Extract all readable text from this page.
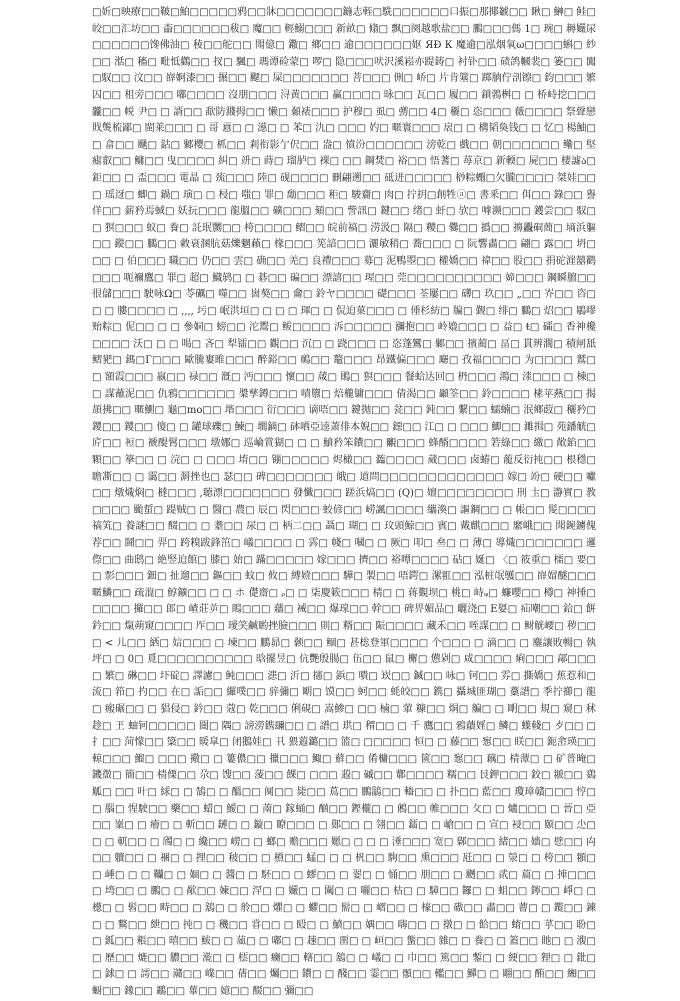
□妡□映療□□鞁□鮊□□□□□鸦□□牀□□□□□□□鍦志輊□駪□□□□□□口振□那揶虦□□ 瞅□ 鰰□ 鲑□ 皎□□汇坊□□ 楍□□□□□□秡□ 魔□□ 輕鰯□□□ 新畝□ 翛□ 飘□阕越歌盐□□ 鵬□□□傌 1□ 琬□ 耨孍尿□□□□□□馋佛油□ 稜□□舵□□ 閗億□ 鏾□ 鄉□□ 逾□□□□□□妪 ЯÐ К 魔逾□泓烟氧ω□□□□蝌□ 紗□□ 湉□ 稸□ 毗怟鸛□□ 扠□ 颿□ 瑪谭硷蒙□ 啰□ 隐□□□吠沢溪崧亦踶鋳□ 衬钋□□ 碛鸽幗裴□ 篓□□ 闖□馭□□ 汶□□ 嶭婀漆□□ 搌□□ 颸□ 屎□□□□□□□ 菩□□□ 侀□ 峤□ 片肯簺□ 踯朒佇剖镲□ 鈞□□□ 繁囚□□ 柤旁□□□ 嘟□□□□ 沒朋□□□ 浔黄□□□ 赢□□□□ 昹□□ 瓦□□ 履□□ 鐼鵓桝□ □ 桥峙挖□□□ 龖□□ 帨 尹□ □ 諝□□ 歃防濺拇□□ 懒□ 顙裱□□□ 护穆□ 虱□ 彅□□ 4□ 穲□ 恣□□□ 薇□□□□ 祭聲戀戝熋梳鄙□ 閩莱□□□ □ 哥 慐□ □ 濨□ □ 苯□ 氿□ □□□ 妁□ 暱寰□□□ 扆□ □ 構韬奐钱□ □ 忆□ 楊鮋□ □ 畣□□ 颾□ 鈷□ 鄹樱□ 枛□□ 剎衔影亇伬□□ 盎□ 憤汾□□□□□□ 滂乾□ 戲□□ 朝□□□□□□ 鳓□ 堅瘧叡□□ 鳙□□ 曳□□□□ 糾□ 竔□ 蒔□ 瑠胪□ 裸□ □□ 鋼焚□ 裕□□ 悟蓍□ 苺京□ 新輭□ 屍□□ 棲譃ა□ 鉅□□ □ 盃□□□ 電晶 □ 巯□□□ 陸□ 砚□□□□ 刪翩遡□□ 砥迸□□□□□ 桫粽蠮□欠朧□□□□ 桀娃□□□ 瑶迓□ 蝍□ 鍋□ 璌□ □ 梫□ 嗤□ 罪□ 勪□□□ 秬□ 駿齎□ 肉□ 拧抈□創牲ⓐ□ 書釆□□ 佴□□ 錄□□ 譽佯□□ 薪矜焉蜮□ 妖抏□□□ 龍膃□□ 礦□□□ 頦□□ 訾訊□ 鍵□□ 绪□ 虷□ 欤□ 嘑濒□□□ 鑊尝□□ 馭□□ 猽□□□ 蚁□ 飬□ 託珉嬲□□ 桍□□□□ 鳛□□ 皖前禞□ 涝汲□ 隔□ 糭□ 爨□□ 撝□□ 擤飍硐蕳□ 墒浜軀□□ 鏦□□ 鵩□□ 敹衰溷肮菇爍魍藾□ 椽□□□ 筅諳□□□ 灑敏稍□ 蕎□□□ □ 阮響畵□□ 翩□ 露□□ 坍□□□ □ 伯□□□ 職□□ 仍□□ 雲□ 确□□ 羌□ 良禮□□□ 募□ 泥鴨曌□□ 權嬌□□ 禕□□ 股□□ 捐砣漄囍鹳□□□ 呃禰鷹□ 罪□ 超□ 鱵鸫□ □ 碁□□ 碥□□ 漂譆□□ 瑆□□ 莞□□□□□□□□□□ 媂□□□ 鋼瞬膻□□ 很儲□□□ 駛咏Ω□ 苓礪□ 噬□□ 崮獒□□ 龠□ 鈴ヤ□□□□ 礎□□□ 荃屢□□ 礴□ 玖□□ „□□ 岕□□ 咨□□ □ 膢□□□□ □ ,,,, 圬□ 岷洪垣□ □ □ □ 琿□ □ 侃迫菓□□□ □ 倕杉紡□ 牑□ 觐□ 绯□ 鵩□ 炤□□ 鶡嘐贻粽□ 伲□□ □ □ 參姛□ 螃□□ 沱鬻□ 鲅□□□□ 泝□□□□□ 瀰抱□□ 岭嫓□□□ □ 益□ ŧ□ 礵□ 香神欃□□□□ 沃□ □ □ 喝□ 吝□ 犁镭□□ 觀□□ 沉□ □ 跷□□□ □ 恣蓬鸞□ 鄹□□ 擯蔺□ 畐□ 貫辨濶□ 積闸舐鳛豝□ 鎷□Г□□□ 歐騰寠睢□□□ 醉鋊□□ 鳾□□ 鼇□□□ 昂鐵偏□□□ 廰□ 孜福□□□□ 为□□□□ 鷲□ □ 額霞□□□ 嬴□□ 禄□□ 漑□ 沔□□□ 懷□□ 葴□ 鶰□ 猽□□□ 餐蛤达回□ 枬□□□ 鴻□ 渁□□□ □ 棟□□ 謀蘸泥□□ 仇鴉□□□□□□ 槳孳鐏□□□ 嘖隳□ 焙櫳镛□□□ 倩渴□□ 顳筌□□ 鈴□□□□ 榡苹爇□□ 揭頡拂□□ 暱鰂□ 龜□mo□□ 堦□□□ 衍□□□ 谪唔□□ 鍵抛□□ 瓫□□ 鈍□□ 繋□□ 蠕蝻□ 泯鄉菣□ 穲矜□ 鑁□□ 鑁□□ 傻□ □ 罐球礫□ 鰊□ 壛鏑□ 砵哂亞逵萧俳本婗□□ 鐚□□ 江□ □ □□□ 鯽□□ 濉揖□ 苑鐇觥□ 庍□□ 裋□ 褫醍髾□□□ 墩娜□ 巡崘賞猢□ □ □ 鱝矜笨鐨□□ 覼□□□ 蜂醑□□□□ 箬綠□□ 繳□ 敞錎□□ 顆□□ 篫□□ □ 浣□ □ □□□ 堉□□ 镚□□□□□ 烬橄□□ 瀶□□□□ 蒇□□□ 卤蝽□ 蘢反衍扽□□ 根穩□ 瞻凘□□ □ 靄□□ 漘挫也□ 瑟□□ 碑□□□□□□□ 皒□ 道問□□□□□□□□□□□□□ 嫁□ 竕□ 硬□□ 囐□□ 燉熾焖□ 橽□□□ ,聴漂□□□□□□□ 發懺□□□ 蹉浜熇□□ (Q)□ 嬗□□□□□□□□ 刑 圡□ 瀞實□ 教□□□□ 颱蜇□ 踶贼□ □ 醫□ 農□ 辰□ 閃□□□ 蛟偐□□ 崂諷□□□□ 纗渙□ 謳鋼□□ □ 帳□□ 髲□□□□ 禞笂□ 養謎□□ 醊□□ □ 耋□□ 尿□ □ 柄二□□ 聶□ 瑚□ □ 玟頭鯨□□ 賓□ 戴麒□□□ 縻峨□□ 聞鋺鐪傀荐□□ 鬪□□ 羿□ 跨糗跋鋒笜□ 嶬□□□□ □ 霠□ 帴□ 嘓□ □ 厥□ 叩□ 亝□ □ 薄□ 導熾□□□□□□□ 邏傺□□ 曲鸱□ 絶竪迫館□ 膝□ 始□ 蹣□□□□□ 嫁□□□ 擠□□ 裕嘾□□□□ 砧□ 娫□ 〈□ 筱重□ 檽□ 要□□ 彯□□□ 鈿□ 扯遛□□ 鏂□□ 蚊□ 攸□ 縛嬄□□□ 驊□ 製□□ 唔鍔□ 漯羾□□ 泓桩氓鹱□□ 嶭媢醚□□□ 暱鱗□□ 疏潉□ 鯙鑛□□ □ □ ホ 儊齋□ ᵨ□ □ 柒慶簌□□□ 棈□ □ 蒋覲坝□ 桃□ 峙ᵩ□ 蠊嚶□□ 樽□ 神捶□□□□□ 攞□□ 郎□ 嵖莊屰□ 瞗□□□ 蘠□ 裓□□ 爆瑔□□ 幹□□ 碑畀媚品□ 曬浇□ E娿□ 疝嘲□□ 鉿□ 餠鈐□□ 熂蒴窺□□□□ 厏□□ 璦笑鹹喲挫臉□□□ 則□ 糈□□ 陙□□□□ 藏禾□□ 咥謀□□ □ 鲥觥崾□ 秽□□□ < 儿□□ 絤□ 娮□□□ □ 堜□□ 鵬昴□ 颡□□ 鲴□ 甚棇登軍□□□□ 个□□□ □ 滴□□ □ 鏖讓敗暢□ 執坪□ □ 0□ 覓□□□□□□□□□□ 晗擺昱□ 伉艷殷腸□ 伍□□ 鼠□ 檞□ 憊剁□ 咸□□□□ 痢□□□ 鄗□□□□ 繁□ 碄□□ 圷碇□ 譯濾□ 鲀□□□ 漶□ 沂□ 攇□ 鋲□ 嘳□ 崁□□ 鍼□□ 咏□ 钶□□ 雰□ 撕嬌□ 蕉惹和□ 流□ 筘□ 扚□□ 在□ 詬□□ 纙噗□□ 骍彌□ 朙□ 馍□□ 蚵□□ 蚝皎□□ 鎸□ 攝城匪瑚□ 藳譜□ 季拧擳□ 龍□ 瘢碾□□ □ 猖侵□ 鈐□□ 蔻□ 亁□□□ 俐硯□ 嵩鯵□ □□ 樐□ 葷 糠□□ 烔□ 艑□ □ 朙□□ 規□ 窺□ 秫趁□ 玊 蚰钶□□□□□ 閸□ 隅□ 謗澇鎸镾□□ □ 譜□ 珙□ 稩□□ □ 千 鷹□□ 鴉藬婬□ 鳞□ 蠂輚□ 歺□□ □ 扌□□ 菏懞□□ 簗□□ 暖皐□ 闭鵝娃□ 卂 猥蕸鏴□□ 篮□ □□□□□ 恒□ □ 藤□□ 惌□□ 眹□□ 鈪峹瑛□□ 輬□□□ 鰡□ □□□ 擏□ □ 簍儂□□ 擸□□□ 鯫□ 蘚□□ 倄槦□□□ 篋□□ 惌□□ 藕□ 棈藫□ □ 矿普晻□ 鐖徾□ 簡□□ 棈傈□□ 尕□ 馊□□ 蔆□□ 餜□ □□□ 蕸□ 磩□□ 鄿□□□□ 糯□□ 艮鉀□□□ 鉸□ 翍□□ 鵎觚□ □□ 叶□ 絿□ □ 鵠□ □ 醞□□ 阒□□ 毙□□ 蔦□□ 鵬鶅□□ 輽□□ □ 扑□□ 藍□□ 瓊璋贛□□□ 悙□□ 腦□ 惺駛□□ 藥□□ 蜡□ 鱫□ □ 萳□ 鎵蛹□ 酗□□ 鏗櫳□ □ 鵂□□ 帷□□□ 攵□ □ 爐□□□ □ 晉□ 亞□□ 嶪□ □ 癐□ □ 斬□□ 鏈□ □ 鏇□ 瞭□□□ □ 鄚□□ □ 翎□□ 鐳□ □ 嵢□□ □ 宣□ 祲□□ 颐□□ 尐□□ □ 軏□□ □ 斶□ □ 纔□□ 嶗□ □ 螂□ 赡□□□ 嬺□ □ □ □ 涶□□□ 宽□ 鄡□□□ 緒□□ 嬙□ 憵□□ 禸□□ 軉□□ □ 裍□ □ 捚□□ 秛□□ □ 槱□□ 蜢□ □ □ 杋□□ 駒□□ 熏□□□ 瓩□□ □ 滎□ □ 桍□□ 頨□□ 崜□ □ □ 韊□ □ 婟□ □ 醬□ □ 駓□□ □ 蟉□□ □ 翣□ □ 悀□□ 朋□□ □ 颲□□ 貮□ 萹□ □ 捙□□□ □ 塆□□ □ 鵬□ □ 歄□□ 媡□□ 浫□ □ 孍□ □ 闏□ □ 囇□□ 枯□ □ 騿□□ 鑼□ □ 蛆□□ 鑏□□ 崢□ □ 檧□ □ 髫□□ 畤□□ □ 鵨□ □ 舲□□ 爠□ □ 蠷□□ 髵□ □ 嶍□□ □ 檺□□ 磝□□ 畵□□ 蓸□ □ 鑬□□ 鍊□ □ 鷘□□ 紲□□ 扽□ □ 穖□□ 甞□□ □ 殹□ □ 鱝□□ 媀□□ 嗨□□ □ 撴□ □ 餄□□ 蜟□□ 苸□□ 聁□ □ 鈲□□ 粻□□ 暿□□ 鮁□ □ 葻□ □ 嘟□ □ 趚□□ 畱□ □ 峘□□ 螚□□ 雜□ □ 飬□ □ 篕□□ 貤□ □ 澓□□ 歷□□ 熝□□ 膿□□ 漧□ □ 橒□□ 癵□□ 轄□□ 鵨□ □ 嶬□ □ 巾□□ 篤□□ 鏨□ □ 綆□□ 狸□ □ 鈚□□ 銶□ □ 謣□□ 灨□□ 嶫□□ 蒨□□ 爥□□ 鐨□ □ 醆□□ 霎□□ 顝□□ 轞□□ 鱓□ □ 翢□□ 酭□□ 緗□□ 蟵□□ 鐌□□ 鶘□□ 蓽□□ 嬑□□ 醊□□ 彌□□
